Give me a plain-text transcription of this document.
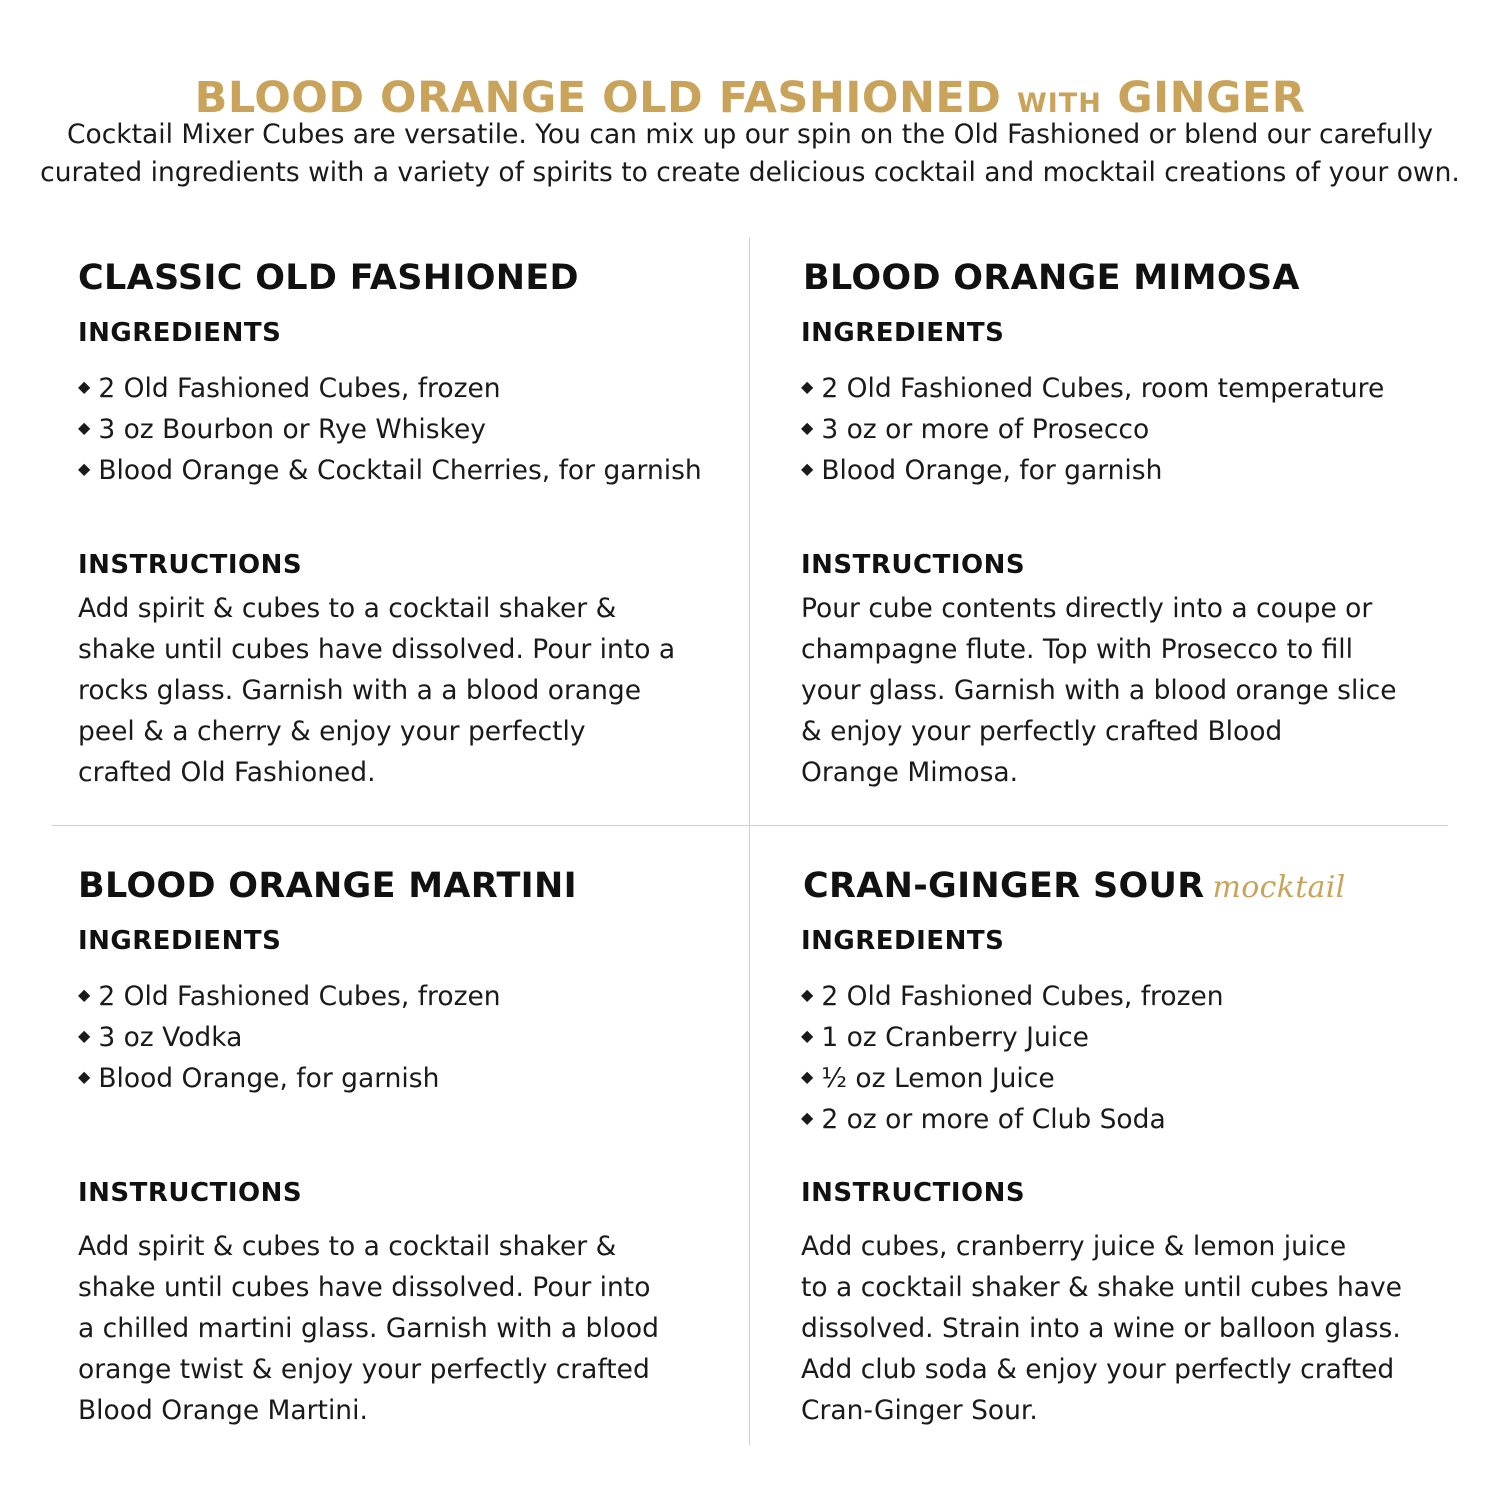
BLOOD ORANGE OLD FASHIONED WITH GINGER
Cocktail Mixer Cubes are versatile. You can mix up our spin on the Old Fashioned or blend our carefully
curated ingredients with a variety of spirits to create delicious cocktail and mocktail creations of your own.
CLASSIC OLD FASHIONED
INGREDIENTS
◆ 2 Old Fashioned Cubes, frozen
◆ 3 oz Bourbon or Rye Whiskey
◆ Blood Orange & Cocktail Cherries, for garnish
INSTRUCTIONS

Add spirit & cubes to a cocktail shaker &
shake until cubes have dissolved. Pour into a
rocks glass. Garnish with a a blood orange
peel & a cherry & enjoy your perfectly
crafted Old Fashioned.

BLOOD ORANGE MIMOSA
INGREDIENTS
◆ 2 Old Fashioned Cubes, room temperature
◆ 3 oz or more of Prosecco
◆ Blood Orange, for garnish
INSTRUCTIONS

Pour cube contents directly into a coupe or
champagne flute. Top with Prosecco to fill
your glass. Garnish with a blood orange slice
& enjoy your perfectly crafted Blood
Orange Mimosa.

BLOOD ORANGE MARTINI
INGREDIENTS
◆ 2 Old Fashioned Cubes, frozen
◆ 3 oz Vodka
◆ Blood Orange, for garnish
INSTRUCTIONS

Add spirit & cubes to a cocktail shaker &
shake until cubes have dissolved. Pour into
a chilled martini glass. Garnish with a blood
orange twist & enjoy your perfectly crafted
Blood Orange Martini.

CRAN-GINGER SOUR mocktail
INGREDIENTS
◆ 2 Old Fashioned Cubes, frozen
◆ 1 oz Cranberry Juice
◆ ½ oz Lemon Juice
◆ 2 oz or more of Club Soda
INSTRUCTIONS

Add cubes, cranberry juice & lemon juice
to a cocktail shaker & shake until cubes have
dissolved. Strain into a wine or balloon glass.
Add club soda & enjoy your perfectly crafted
Cran-Ginger Sour.
